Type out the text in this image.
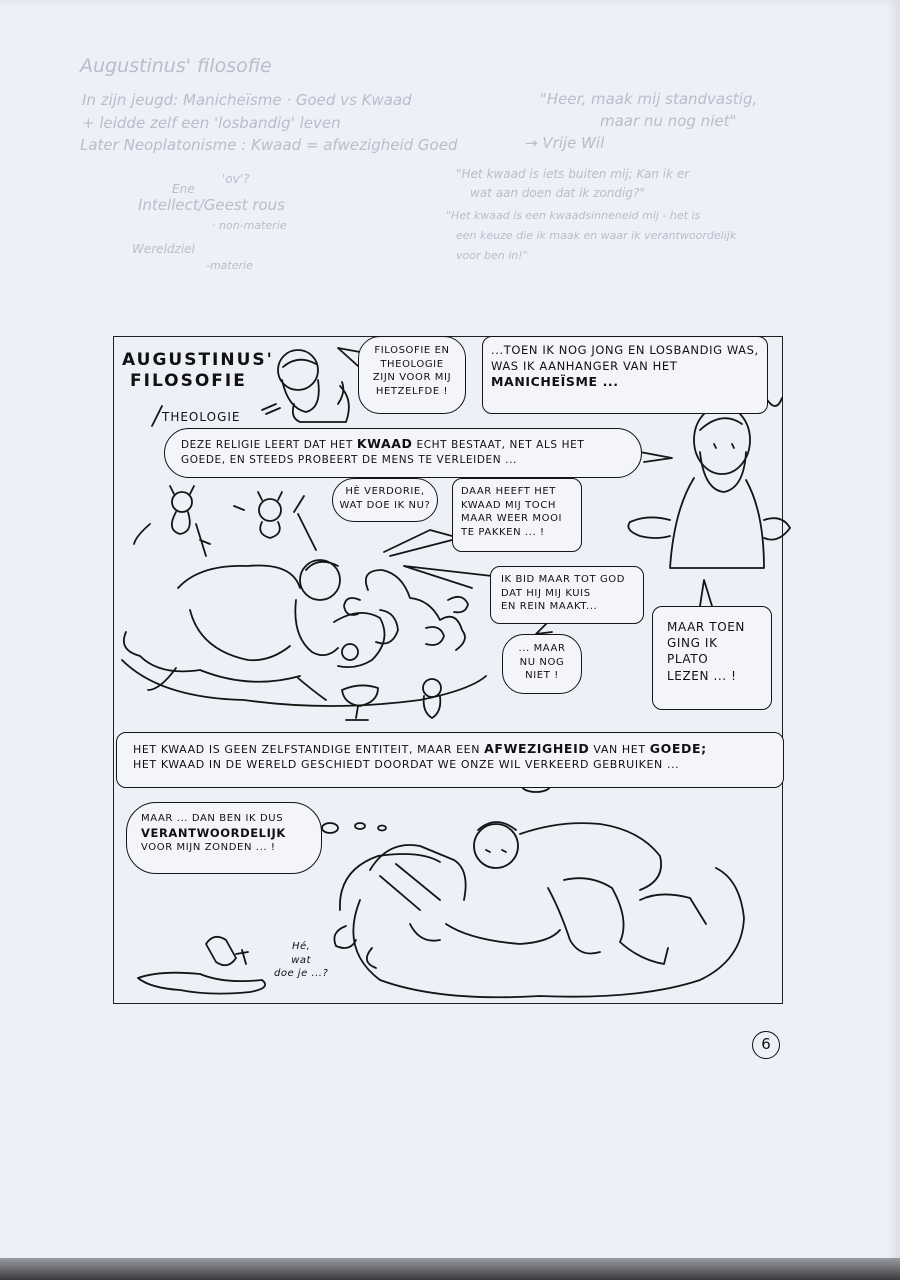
Augustinus' filosofie
In zijn jeugd: Manicheïsme · Goed vs Kwaad
+ leidde zelf een 'losbandig' leven
Later Neoplatonisme : Kwaad = afwezigheid Goed	→ Vrije Wil
Ene
'ov'?
Intellect/Geest rous
· non-materie
Wereldziel
-materie
"Heer, maak mij standvastig,
maar nu nog niet"
"Het kwaad is iets buiten mij; Kan ik er
wat aan doen dat ik zondig?"
"Het kwaad is een kwaadsinneneid mij - het is
een keuze die ik maak en waar ik verantwoordelijk
voor ben in!"
AUGUSTINUS'
FILOSOFIE
THEOLOGIE
FILOSOFIE EN
THEOLOGIE
ZIJN VOOR MIJ
HETZELFDE !
...TOEN IK NOG JONG EN LOSBANDIG WAS,
WAS IK AANHANGER VAN HET
MANICHEÏSME ...
DEZE RELIGIE LEERT DAT HET KWAAD ECHT BESTAAT, NET ALS HET
GOEDE, EN STEEDS PROBEERT DE MENS TE VERLEIDEN ...
HÈ VERDORIE,
WAT DOE IK NU?
DAAR HEEFT HET
KWAAD MIJ TOCH
MAAR WEER MOOI
TE PAKKEN ... !
IK BID MAAR TOT GOD
DAT HIJ MIJ KUIS
EN REIN MAAKT...
... MAAR
NU NOG
NIET !
MAAR TOEN
GING IK
PLATO
LEZEN ... !
HET KWAAD IS GEEN ZELFSTANDIGE ENTITEIT, MAAR EEN AFWEZIGHEID VAN HET GOEDE;
HET KWAAD IN DE WERELD GESCHIEDT DOORDAT WE ONZE WIL VERKEERD GEBRUIKEN ...
MAAR ... DAN BEN IK DUS
VERANTWOORDELIJK
VOOR MIJN ZONDEN ... !
Hé,
wat
doe je ...?
6
